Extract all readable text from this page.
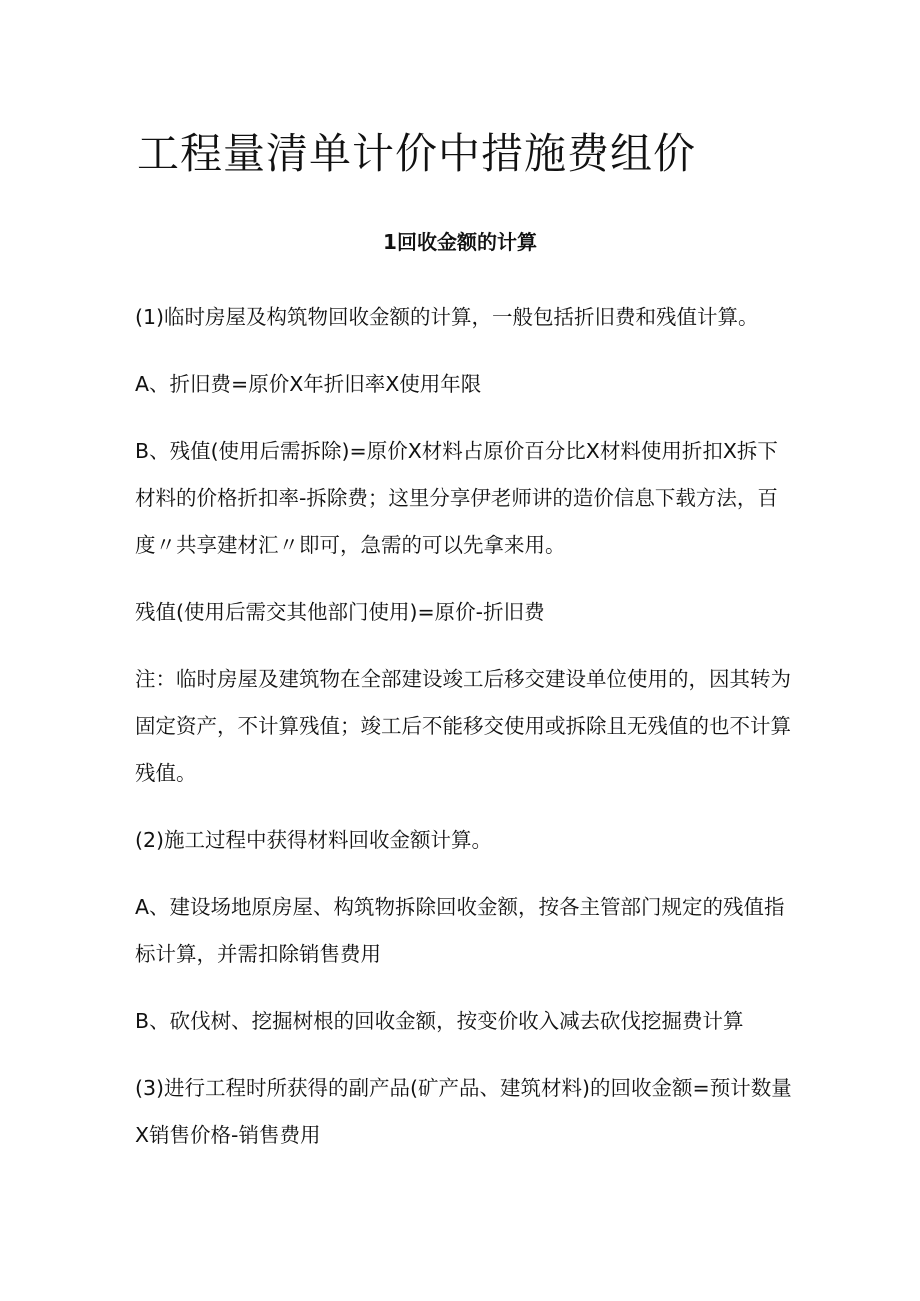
工程量清单计价中措施费组价
1回收金额的计算

(1)临时房屋及构筑物回收金额的计算，一般包括折旧费和残值计算。

A、折旧费=原价X年折旧率X使用年限

B、残值(使用后需拆除)=原价X材料占原价百分比X材料使用折扣X拆下材料的价格折扣率-拆除费；这里分享伊老师讲的造价信息下载方法，百度〃共享建材汇〃即可，急需的可以先拿来用。

残值(使用后需交其他部门使用)=原价-折旧费

注：临时房屋及建筑物在全部建设竣工后移交建设单位使用的，因其转为固定资产，不计算残值；竣工后不能移交使用或拆除且无残值的也不计算残值。

(2)施工过程中获得材料回收金额计算。

A、建设场地原房屋、构筑物拆除回收金额，按各主管部门规定的残值指标计算，并需扣除销售费用

B、砍伐树、挖掘树根的回收金额，按变价收入减去砍伐挖掘费计算

(3)进行工程时所获得的副产品(矿产品、建筑材料)的回收金额=预计数量X销售价格-销售费用
